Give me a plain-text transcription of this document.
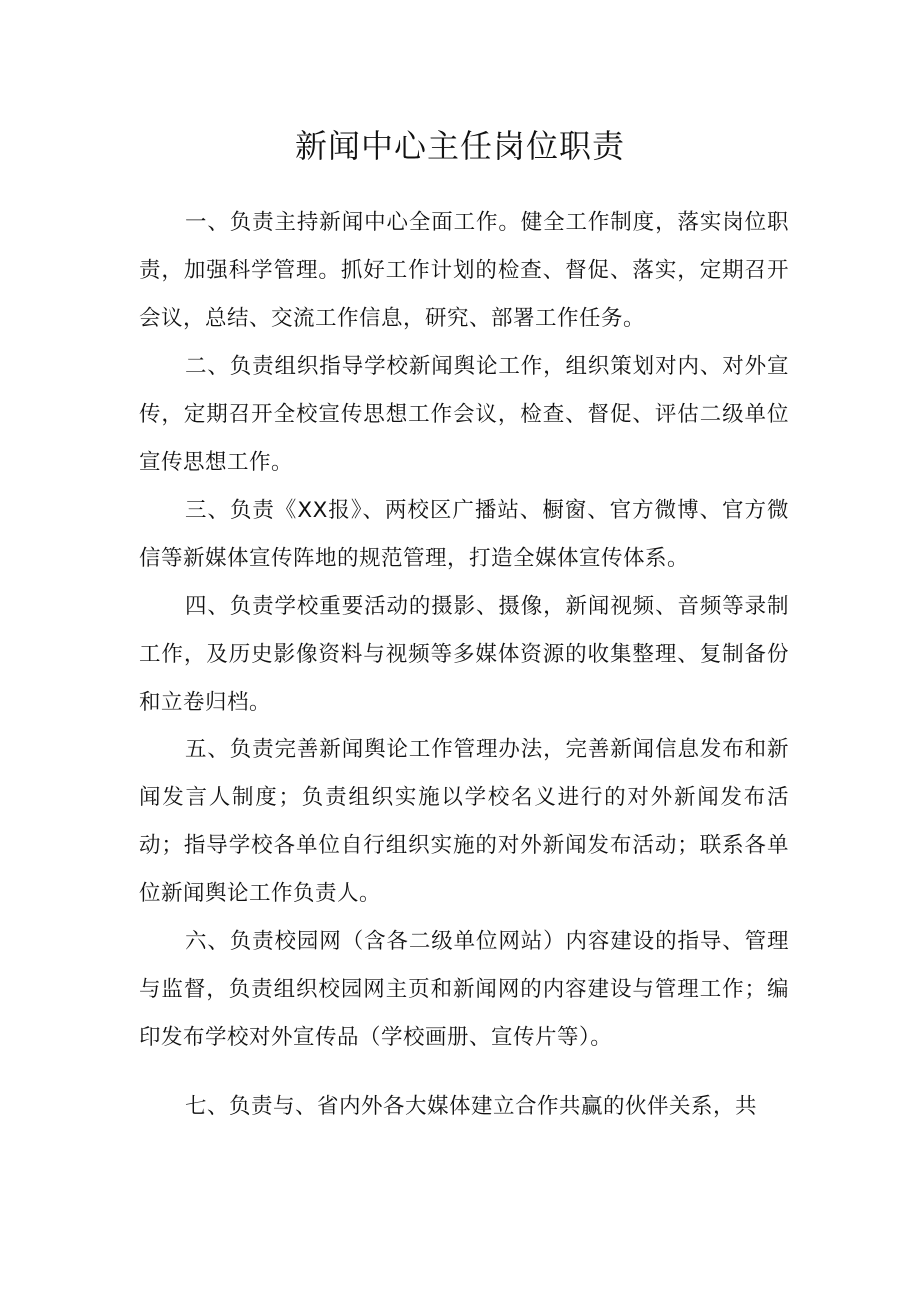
新闻中心主任岗位职责
一、负责主持新闻中心全面工作。健全工作制度，落实岗位职责，加强科学管理。抓好工作计划的检查、督促、落实，定期召开会议，总结、交流工作信息，研究、部署工作任务。
二、负责组织指导学校新闻舆论工作，组织策划对内、对外宣传，定期召开全校宣传思想工作会议，检查、督促、评估二级单位宣传思想工作。
三、负责《XX报》、两校区广播站、橱窗、官方微博、官方微信等新媒体宣传阵地的规范管理，打造全媒体宣传体系。
四、负责学校重要活动的摄影、摄像，新闻视频、音频等录制工作，及历史影像资料与视频等多媒体资源的收集整理、复制备份和立卷归档。
五、负责完善新闻舆论工作管理办法，完善新闻信息发布和新闻发言人制度；负责组织实施以学校名义进行的对外新闻发布活动；指导学校各单位自行组织实施的对外新闻发布活动；联系各单位新闻舆论工作负责人。
六、负责校园网（含各二级单位网站）内容建设的指导、管理与监督，负责组织校园网主页和新闻网的内容建设与管理工作；编印发布学校对外宣传品（学校画册、宣传片等）。
七、负责与、省内外各大媒体建立合作共赢的伙伴关系，共
